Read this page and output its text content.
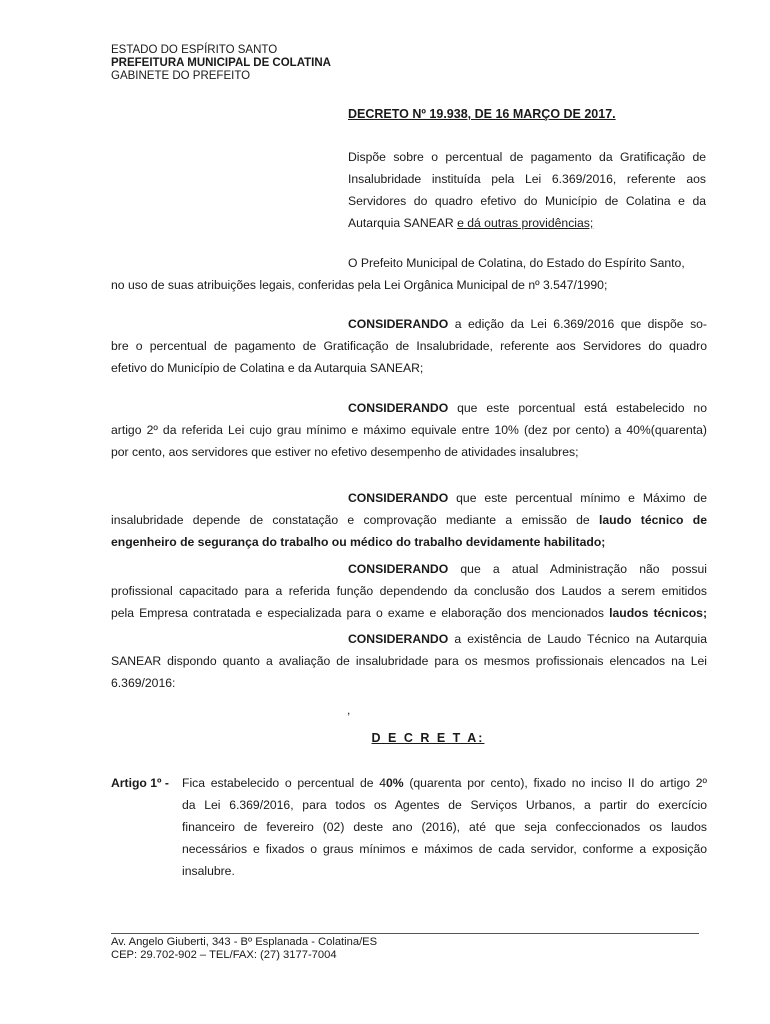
ESTADO DO ESPÍRITO SANTO
PREFEITURA MUNICIPAL DE COLATINA
GABINETE DO PREFEITO
DECRETO Nº 19.938, DE 16 MARÇO DE 2017.
Dispõe sobre o percentual de pagamento da Gratificação de
Insalubridade instituída pela Lei 6.369/2016, referente aos
Servidores do quadro efetivo do Município de Colatina e da
Autarquia SANEAR e dá outras providências;
O Prefeito Municipal de Colatina, do Estado do Espírito Santo,
no uso de suas atribuições legais, conferidas pela Lei Orgânica Municipal de nº 3.547/1990;
CONSIDERANDO a edição da Lei 6.369/2016 que dispõe so-
bre o percentual de pagamento de Gratificação de Insalubridade, referente aos Servidores do quadro
efetivo do Município de Colatina e da Autarquia SANEAR;
CONSIDERANDO que este porcentual está estabelecido no
artigo 2º da referida Lei cujo grau mínimo e máximo equivale entre 10% (dez por cento) a 40%(quarenta)
por cento, aos servidores que estiver no efetivo desempenho de atividades insalubres;
CONSIDERANDO que este percentual mínimo e Máximo de
insalubridade depende de constatação e comprovação mediante a emissão de laudo técnico de
engenheiro de segurança do trabalho ou médico do trabalho devidamente habilitado;
CONSIDERANDO que a atual Administração não possui
profissional capacitado para a referida função dependendo da conclusão dos Laudos a serem emitidos
pela Empresa contratada e especializada para o exame e elaboração dos mencionados laudos técnicos;
CONSIDERANDO a existência de Laudo Técnico na Autarquia
SANEAR dispondo quanto a avaliação de insalubridade para os mesmos profissionais elencados na Lei
6.369/2016:
,
D E C R E T A:
Artigo 1º - Fica estabelecido o percentual de 40% (quarenta por cento), fixado no inciso II do artigo 2º
da Lei 6.369/2016, para todos os Agentes de Serviços Urbanos, a partir do exercício
financeiro de fevereiro (02) deste ano (2016), até que seja confeccionados os laudos
necessários e fixados o graus mínimos e máximos de cada servidor, conforme a exposição
insalubre.
Av. Angelo Giuberti, 343 - Bº Esplanada - Colatina/ES
CEP: 29.702-902 – TEL/FAX: (27) 3177-7004
